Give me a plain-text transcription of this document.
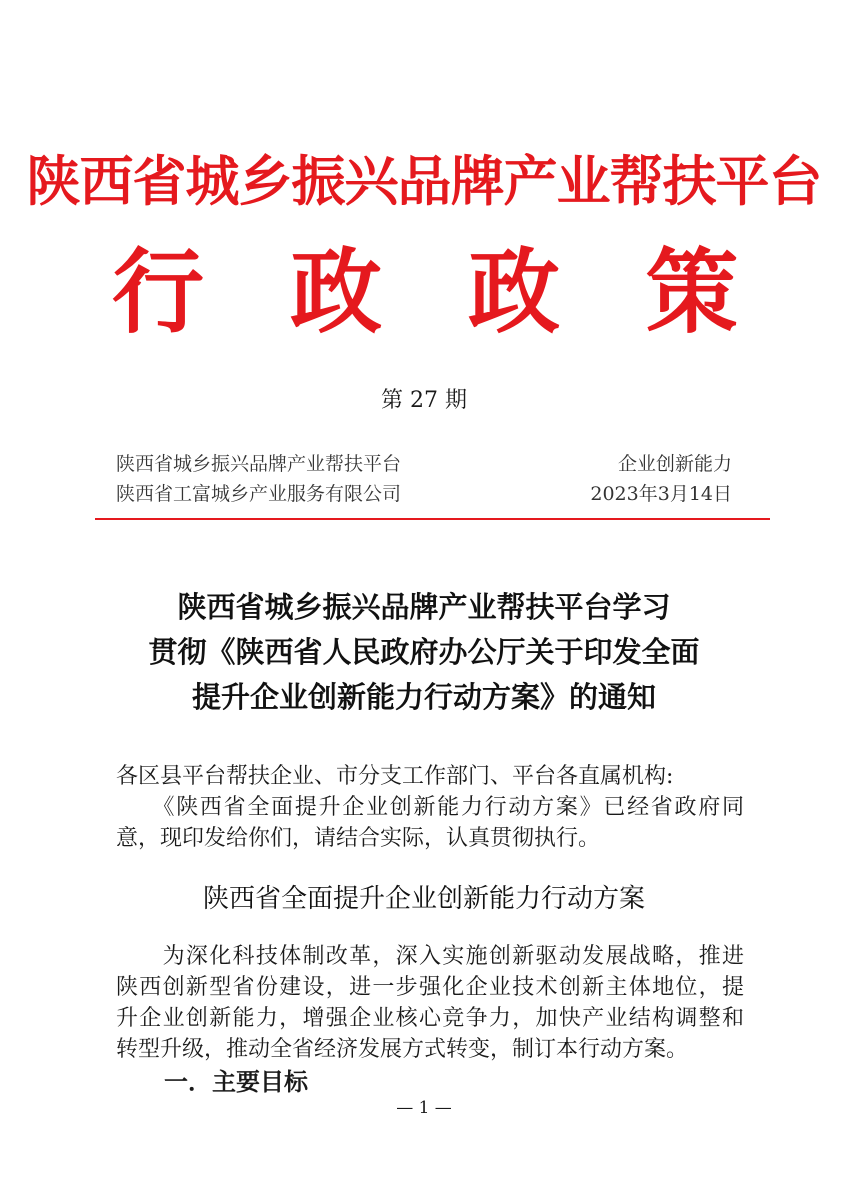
陕西省城乡振兴品牌产业帮扶平台
行 政 政 策
第 27 期
陕西省城乡振兴品牌产业帮扶平台
陕西省工富城乡产业服务有限公司
企业创新能力
2023年3月14日
陕西省城乡振兴品牌产业帮扶平台学习
贯彻《陕西省人民政府办公厅关于印发全面
提升企业创新能力行动方案》的通知
各区县平台帮扶企业、市分支工作部门、平台各直属机构:
　　《陕西省全面提升企业创新能力行动方案》已经省政府同
意，现印发给你们，请结合实际，认真贯彻执行。
陕西省全面提升企业创新能力行动方案
　　为深化科技体制改革，深入实施创新驱动发展战略，推进
陕西创新型省份建设，进一步强化企业技术创新主体地位，提
升企业创新能力，增强企业核心竞争力，加快产业结构调整和
转型升级，推动全省经济发展方式转变，制订本行动方案。
一．主要目标
— 1 —
